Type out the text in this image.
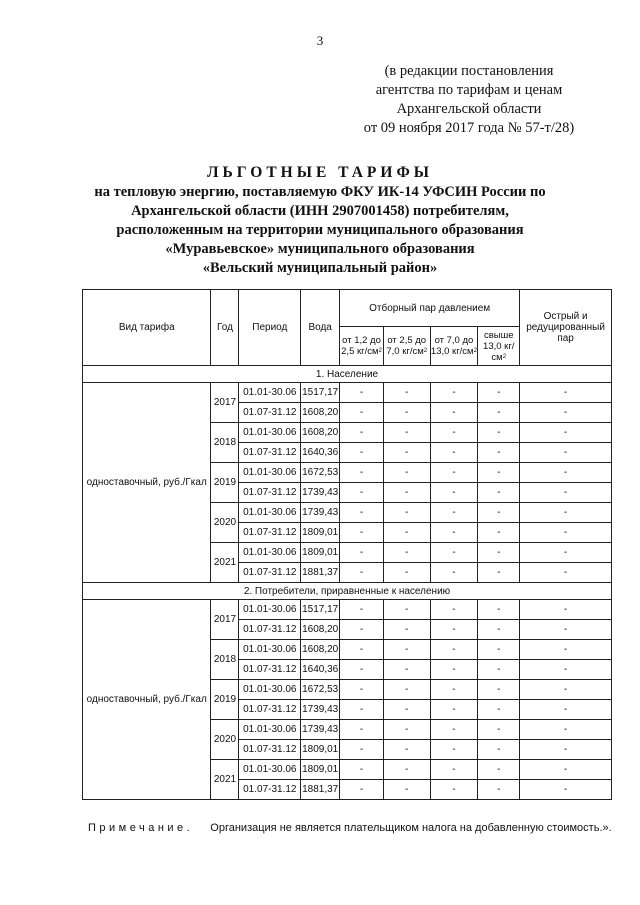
3
(в редакции постановления
агентства по тарифам и ценам
Архангельской области
от 09 ноября 2017 года № 57-т/28)
ЛЬГОТНЫЕ ТАРИФЫ
на тепловую энергию, поставляемую ФКУ ИК-14 УФСИН России по
Архангельской области (ИНН 2907001458) потребителям,
расположенным на территории муниципального образования
«Муравьевское» муниципального образования
«Вельский муниципальный район»
Вид тарифа	Год	Период	Вода	Отборный пар давлением				Острый и редуцированный пар
				от 1,2 до 2,5 $кг/см^2$	от 2,5 до 7,0 $кг/см^2$	от 7,0 до 13,0 $кг/см^2$	свыше 13,0 $кг/см^2$
1. Население								
одноставочный, руб./Гкал	2017	01.01-30.06	1517,17	-	-	-	-	-
		01.07-31.12	1608,20	-	-	-	-	-
	2018	01.01-30.06	1608,20	-	-	-	-	-
		01.07-31.12	1640,36	-	-	-	-	-
	2019	01.01-30.06	1672,53	-	-	-	-	-
		01.07-31.12	1739,43	-	-	-	-	-
	2020	01.01-30.06	1739,43	-	-	-	-	-
		01.07-31.12	1809,01	-	-	-	-	-
	2021	01.01-30.06	1809,01	-	-	-	-	-
		01.07-31.12	1881,37	-	-	-	-	-
2. Потребители, приравненные к населению								
одноставочный, руб./Гкал	2017	01.01-30.06	1517,17	-	-	-	-	-
		01.07-31.12	1608,20	-	-	-	-	-
	2018	01.01-30.06	1608,20	-	-	-	-	-
		01.07-31.12	1640,36	-	-	-	-	-
	2019	01.01-30.06	1672,53	-	-	-	-	-
		01.07-31.12	1739,43	-	-	-	-	-
	2020	01.01-30.06	1739,43	-	-	-	-	-
		01.07-31.12	1809,01	-	-	-	-	-
	2021	01.01-30.06	1809,01	-	-	-	-	-
		01.07-31.12	1881,37	-	-	-	-	-
Примечание. Организация не является плательщиком налога на добавленную стоимость.».
